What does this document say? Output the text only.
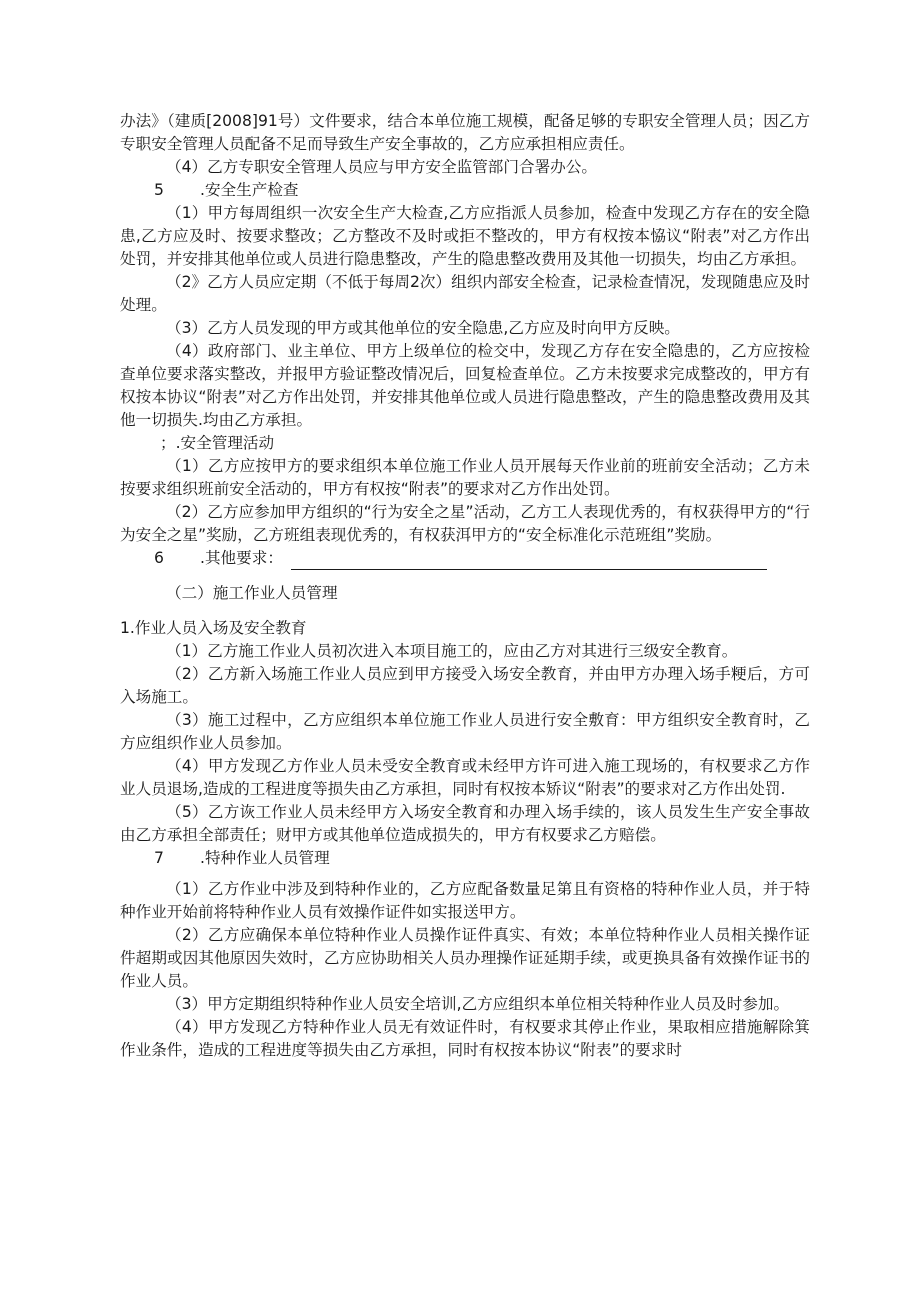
办法》（建质[2008]91号）文件要求，结合本单位施工规模，配备足够的专职安全管理人员；因乙方专职安全管理人员配备不足而导致生产安全事故的，乙方应承担相应责任。

（4）乙方专职安全管理人员应与甲方安全监管部门合署办公。

5	.安全生产检查

（1）甲方每周组织一次安全生产大检查,乙方应指派人员参加，检查中发现乙方存在的安全隐患,乙方应及时、按要求整改；乙方整改不及时或拒不整改的，甲方有权按本恊议“附表”对乙方作出处罚，并安排其他单位或人员进行隐患整改，产生的隐患整改费用及其他一切损失，均由乙方承担。

（2》乙方人员应定期（不低于每周2次）组织内部安全检查，记录检查情况，发现随患应及时处理。

（3）乙方人员发现的甲方或其他单位的安全隐患,乙方应及时向甲方反映。

（4）政府部门、业主单位、甲方上级单位的检交中，发现乙方存在安全隐患的，乙方应按检查单位要求落实整改，并报甲方验证整改情况后，回复检查单位。乙方未按要求完成整改的，甲方有权按本协议“附表”对乙方作出处罚，并安排其他单位或人员进行隐患整改，产生的隐患整改费用及其他一切损失.均由乙方承担。

；.安全管理活动

（1）乙方应按甲方的要求组织本单位施工作业人员开展每天作业前的班前安全活动；乙方未按要求组织班前安全活动的，甲方有权按“附表”的要求对乙方作出处罚。

（2）乙方应参加甲方组织的“行为安全之星”活动，乙方工人表现优秀的，有权获得甲方的“行为安全之星”奖励，乙方班组表现优秀的，有权获洱甲方的“安全标准化示范班组”奖励。

6	.其他要求：

（二）施工作业人员管理

1.作业人员入场及安全教育

（1）乙方施工作业人员初次进入本项目施工的，应由乙方对其进行三级安全教育。

（2）乙方新入场施工作业人员应到甲方接受入场安全教育，并由甲方办理入场手粳后，方可入场施工。

（3）施工过程中，乙方应组织本单位施工作业人员进行安全敷育：甲方组织安全教育时，乙方应组织作业人员参加。

（4）甲方发现乙方作业人员未受安全教育或未经甲方许可进入施工现场的，有权要求乙方作业人员退场,造成的工程进度等损失由乙方承担，同时有权按本矫议“附表”的要求对乙方作出处罚.

（5）乙方诙工作业人员未经甲方入场安全教育和办理入场手续的，该人员发生生产安全事故由乙方承担全部责任；财甲方或其他单位造成损失的，甲方有权要求乙方赔偿。

7	.特种作业人员管理

（1）乙方作业中涉及到特种作业的，乙方应配备数量足第且有资格的特种作业人员，并于特种作业开始前将特种作业人员有效操作证件如实报送甲方。

（2）乙方应确保本单位特种作业人员操作证件真实、有效；本单位特种作业人员相关操作证件超期或因其他原因失效时，乙方应协助相关人员办理操作证延期手续，或更换具备有效操作证书的作业人员。

（3）甲方定期组织特种作业人员安全培训,乙方应组织本单位相关特种作业人员及时参加。

（4）甲方发现乙方特种作业人员无有效证件时，有权要求其停止作业，果取相应措施解除箕作业条件，造成的工程进度等损失由乙方承担，同时有权按本协议“附表”的要求时
